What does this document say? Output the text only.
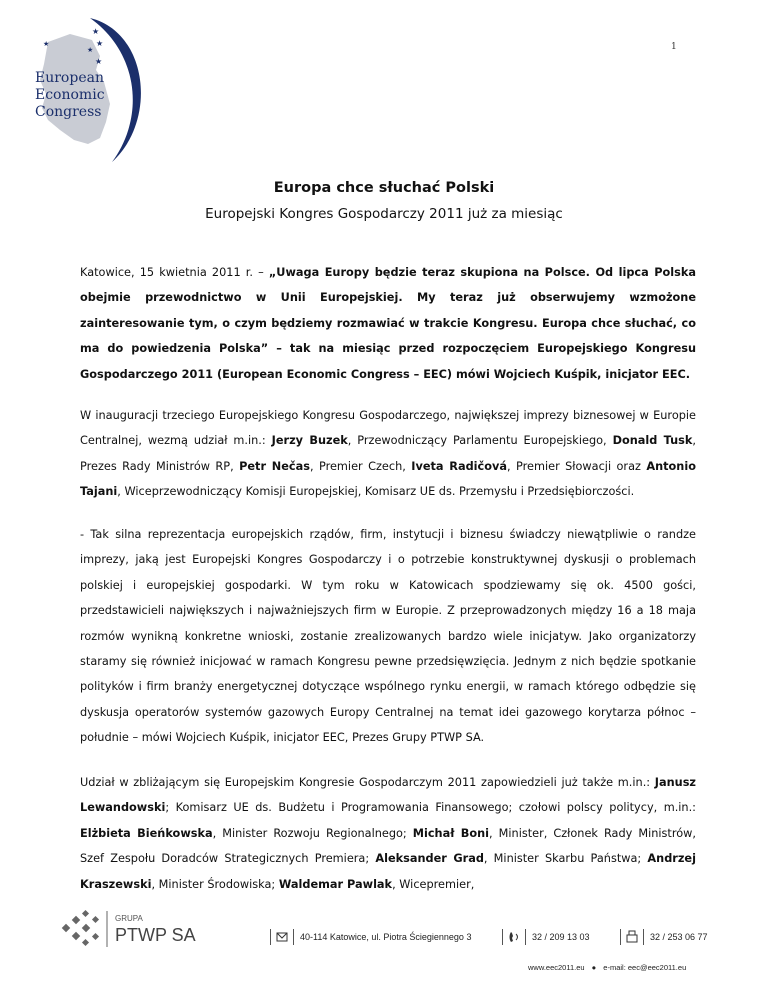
★
★
★
★
★
European
Economic
Congress
1
Europa chce słuchać Polski
Europejski Kongres Gospodarczy 2011 już za miesiąc
Katowice, 15 kwietnia 2011 r. – „Uwaga Europy będzie teraz skupiona na Polsce. Od lipca Polska obejmie przewodnictwo w Unii Europejskiej. My teraz już obserwujemy wzmożone zainteresowanie tym, o czym będziemy rozmawiać w trakcie Kongresu. Europa chce słuchać, co ma do powiedzenia Polska” – tak na miesiąc przed rozpoczęciem Europejskiego Kongresu Gospodarczego 2011 (European Economic Congress – EEC) mówi Wojciech Kuśpik, inicjator EEC.
W inauguracji trzeciego Europejskiego Kongresu Gospodarczego, największej imprezy biznesowej w Europie Centralnej, wezmą udział m.in.: Jerzy Buzek, Przewodniczący Parlamentu Europejskiego, Donald Tusk, Prezes Rady Ministrów RP, Petr Nečas, Premier Czech, Iveta Radičová, Premier Słowacji oraz Antonio Tajani, Wiceprzewodniczący Komisji Europejskiej, Komisarz UE ds. Przemysłu i Przedsiębiorczości.
- Tak silna reprezentacja europejskich rządów, firm, instytucji i biznesu świadczy niewątpliwie o randze imprezy, jaką jest Europejski Kongres Gospodarczy i o potrzebie konstruktywnej dyskusji o problemach polskiej i europejskiej gospodarki. W tym roku w Katowicach spodziewamy się ok. 4500 gości, przedstawicieli największych i najważniejszych firm w Europie. Z przeprowadzonych między 16 a 18 maja rozmów wynikną konkretne wnioski, zostanie zrealizowanych bardzo wiele inicjatyw. Jako organizatorzy staramy się również inicjować w ramach Kongresu pewne przedsięwzięcia. Jednym z nich będzie spotkanie polityków i firm branży energetycznej dotyczące wspólnego rynku energii, w ramach którego odbędzie się dyskusja operatorów systemów gazowych Europy Centralnej na temat idei gazowego korytarza północ – południe – mówi Wojciech Kuśpik, inicjator EEC, Prezes Grupy PTWP SA.
Udział w zbliżającym się Europejskim Kongresie Gospodarczym 2011 zapowiedzieli już także m.in.: Janusz Lewandowski; Komisarz UE ds. Budżetu i Programowania Finansowego; czołowi polscy politycy, m.in.: Elżbieta Bieńkowska, Minister Rozwoju Regionalnego; Michał Boni, Minister, Członek Rady Ministrów, Szef Zespołu Doradców Strategicznych Premiera; Aleksander Grad, Minister Skarbu Państwa; Andrzej Kraszewski, Minister Środowiska; Waldemar Pawlak, Wicepremier,
GRUPA
PTWP SA	40-114 Katowice, ul. Piotra Ściegiennego 3	32 / 209 13 03	32 / 253 06 77
www.eec2011.eu ● e-mail: eec@eec2011.eu
